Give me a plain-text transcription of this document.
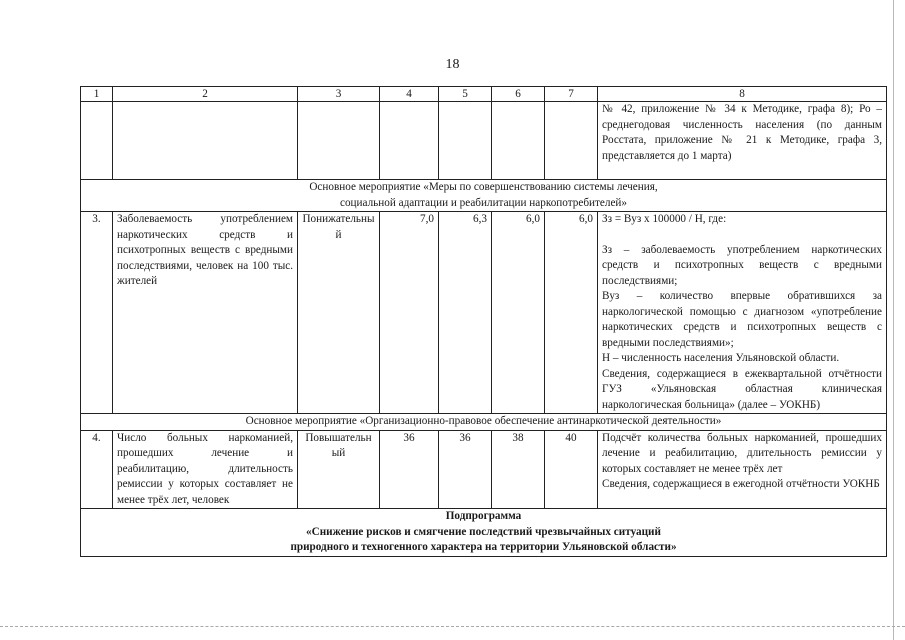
18
1	2	3	4	5	6	7	8
							№ 42, приложение № 34 к Методике, графа 8); Ро – среднегодовая численность населения (по данным Росстата, приложение № 21 к Методике, графа 3, представляется до 1 марта)

Основное мероприятие «Меры по совершенствованию системы лечения,
социальной адаптации и реабилитации наркопотребителей»							

3.	Заболеваемость употреблением наркотических средств и психотропных веществ с вредными последствиями, человек на 100 тыс. жителей	Понижательный	7,0	6,3	6,0	6,0	Зз = Вуз x 100000 / Н, где:
Зз – заболеваемость употреблением наркотических средств и психотропных веществ с вредными последствиями;
Вуз – количество впервые обратившихся за наркологической помощью с диагнозом «употребление наркотических средств и психотропных веществ с вредными последствиями»;
Н – численность населения Ульяновской области.
Сведения, содержащиеся в ежеквартальной отчётности ГУЗ «Ульяновская областная клиническая наркологическая больница» (далее – УОКНБ)

Основное мероприятие «Организационно-правовое обеспечение антинаркотической деятельности»							
4.	Число больных наркоманией, прошедших лечение и реабилитацию, длительность ремиссии у которых составляет не менее трёх лет, человек	Повышательный	36	36	38	40	Подсчёт количества больных наркоманией, прошедших лечение и реабилитацию, длительность ремиссии у которых составляет не менее трёх лет
Сведения, содержащиеся в ежегодной отчётности УОКНБ

Подпрограмма
«Снижение рисков и смягчение последствий чрезвычайных ситуаций
природного и техногенного характера на территории Ульяновской области»							
